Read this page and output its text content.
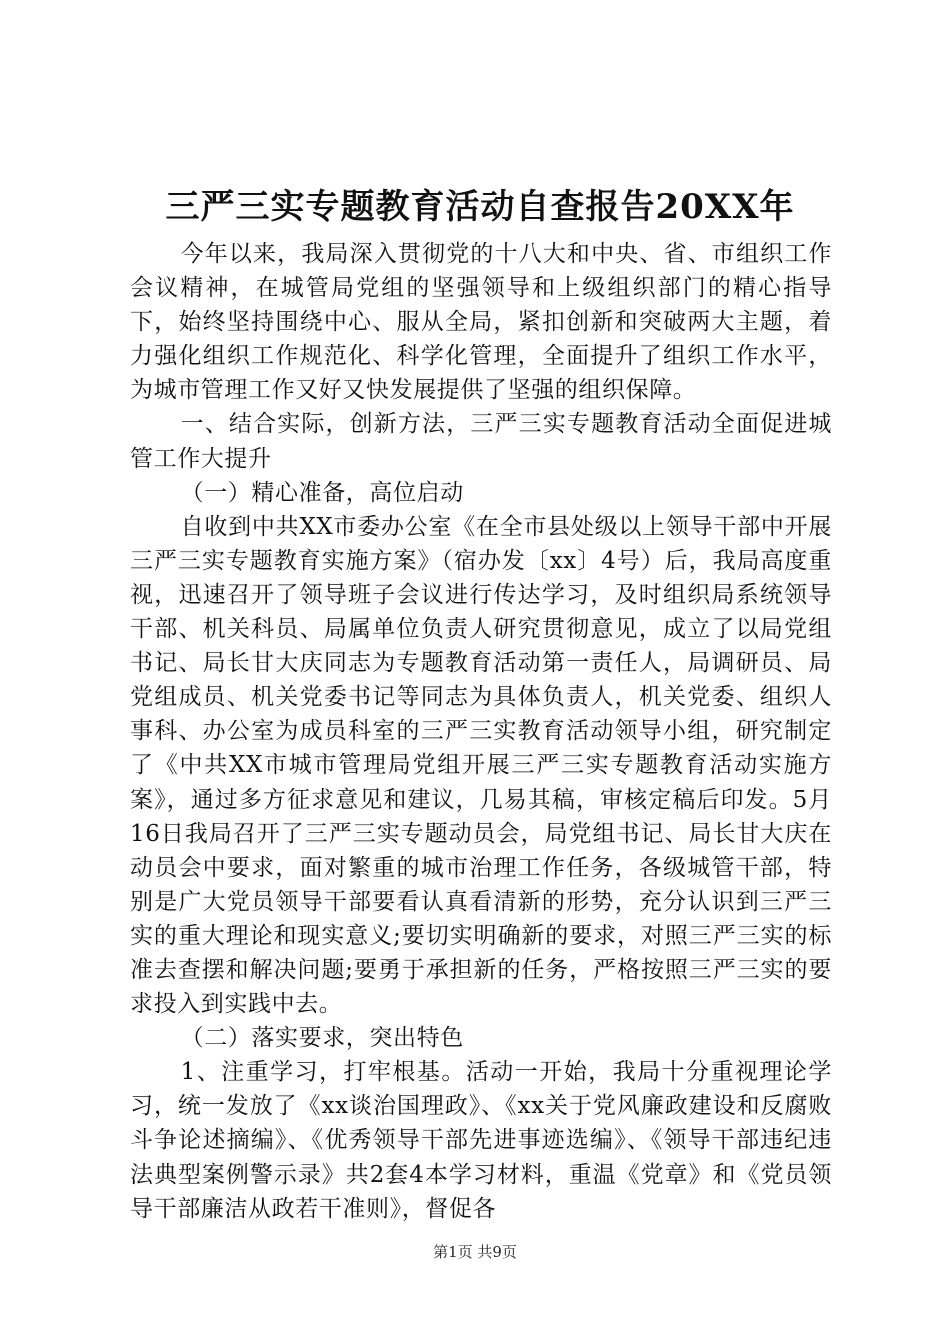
三严三实专题教育活动自查报告20XX年

今年以来，我局深入贯彻党的十八大和中央、省、市组织工作会议精神，在城管局党组的坚强领导和上级组织部门的精心指导下，始终坚持围绕中心、服从全局，紧扣创新和突破两大主题，着力强化组织工作规范化、科学化管理，全面提升了组织工作水平，为城市管理工作又好又快发展提供了坚强的组织保障。

一、结合实际，创新方法，三严三实专题教育活动全面促进城管工作大提升

（一）精心准备，高位启动

自收到中共XX市委办公室《在全市县处级以上领导干部中开展三严三实专题教育实施方案》（宿办发〔xx〕4号）后，我局高度重视，迅速召开了领导班子会议进行传达学习，及时组织局系统领导干部、机关科员、局属单位负责人研究贯彻意见，成立了以局党组书记、局长甘大庆同志为专题教育活动第一责任人，局调研员、局党组成员、机关党委书记等同志为具体负责人，机关党委、组织人事科、办公室为成员科室的三严三实教育活动领导小组，研究制定了《中共XX市城市管理局党组开展三严三实专题教育活动实施方案》，通过多方征求意见和建议，几易其稿，审核定稿后印发。5月16日我局召开了三严三实专题动员会，局党组书记、局长甘大庆在动员会中要求，面对繁重的城市治理工作任务，各级城管干部，特别是广大党员领导干部要看认真看清新的形势，充分认识到三严三实的重大理论和现实意义;要切实明确新的要求，对照三严三实的标准去查摆和解决问题;要勇于承担新的任务，严格按照三严三实的要求投入到实践中去。

（二）落实要求，突出特色

1、注重学习，打牢根基。活动一开始，我局十分重视理论学习，统一发放了《xx谈治国理政》、《xx关于党风廉政建设和反腐败斗争论述摘编》、《优秀领导干部先进事迹选编》、《领导干部违纪违法典型案例警示录》共2套4本学习材料，重温《党章》和《党员领导干部廉洁从政若干准则》，督促各

第1页 共9页
